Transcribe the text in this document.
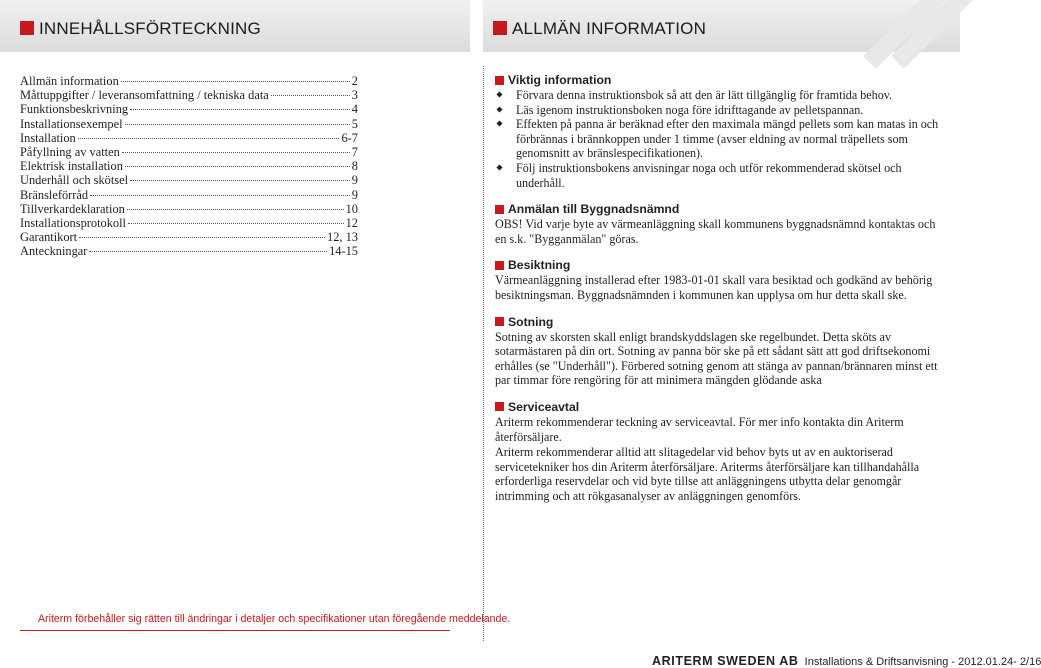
INNEHÅLLSFÖRTECKNING	ALLMÄN INFORMATION
Allmän information	2
Måttuppgifter / leveransomfattning / tekniska data	3
Funktionsbeskrivning	4
Installationsexempel	5
Installation	6-7
Påfyllning av vatten	7
Elektrisk installation	8
Underhåll och skötsel	9
Bränsleförråd	9
Tillverkardeklaration	10
Installationsprotokoll	12
Garantikort	12, 13
Anteckningar	14-15
Viktig information
Förvara denna instruktionsbok så att den är lätt tillgänglig för framtida behov.
Läs igenom instruktionsboken noga före idrifttagande av pelletspannan.
Effekten på panna är beräknad efter den maximala mängd pellets som kan matas in och förbrännas i brännkoppen under 1 timme (avser eldning av normal träpellets som genomsnitt av bränslespecifikationen).
Följ instruktionsbokens anvisningar noga och utför rekommenderad skötsel och underhåll.
Anmälan till Byggnadsnämnd
OBS! Vid varje byte av värmeanläggning skall kommunens byggnadsnämnd kontaktas och en s.k. "Bygganmälan" göras.
Besiktning
Värmeanläggning installerad efter 1983-01-01 skall vara besiktad och godkänd av behörig besiktningsman. Byggnadsnämnden i kommunen kan upplysa om hur detta skall ske.
Sotning
Sotning av skorsten skall enligt brandskyddslagen ske regelbundet. Detta sköts av sotarmästaren på din ort. Sotning av panna bör ske på ett sådant sätt att god driftsekonomi erhålles (se "Underhåll"). Förbered sotning genom att stänga av pannan/brännaren minst ett par timmar före rengöring för att minimera mängden glödande aska
Serviceavtal
Ariterm rekommenderar teckning av serviceavtal. För mer info kontakta din Ariterm återförsäljare.
Ariterm rekommenderar alltid att slitagedelar vid behov byts ut av en auktoriserad servicetekniker hos din Ariterm återförsäljare. Ariterms återförsäljare kan tillhandahålla erforderliga reservdelar och vid byte tillse att anläggningens utbytta delar genomgår intrimming och att rökgasanalyser av anläggningen genomförs.
Ariterm förbehåller sig rätten till ändringar i detaljer och specifikationer utan föregående meddelande.
ARITERM SWEDEN AB Installations & Driftsanvisning - 2012.01.24- 2/16
